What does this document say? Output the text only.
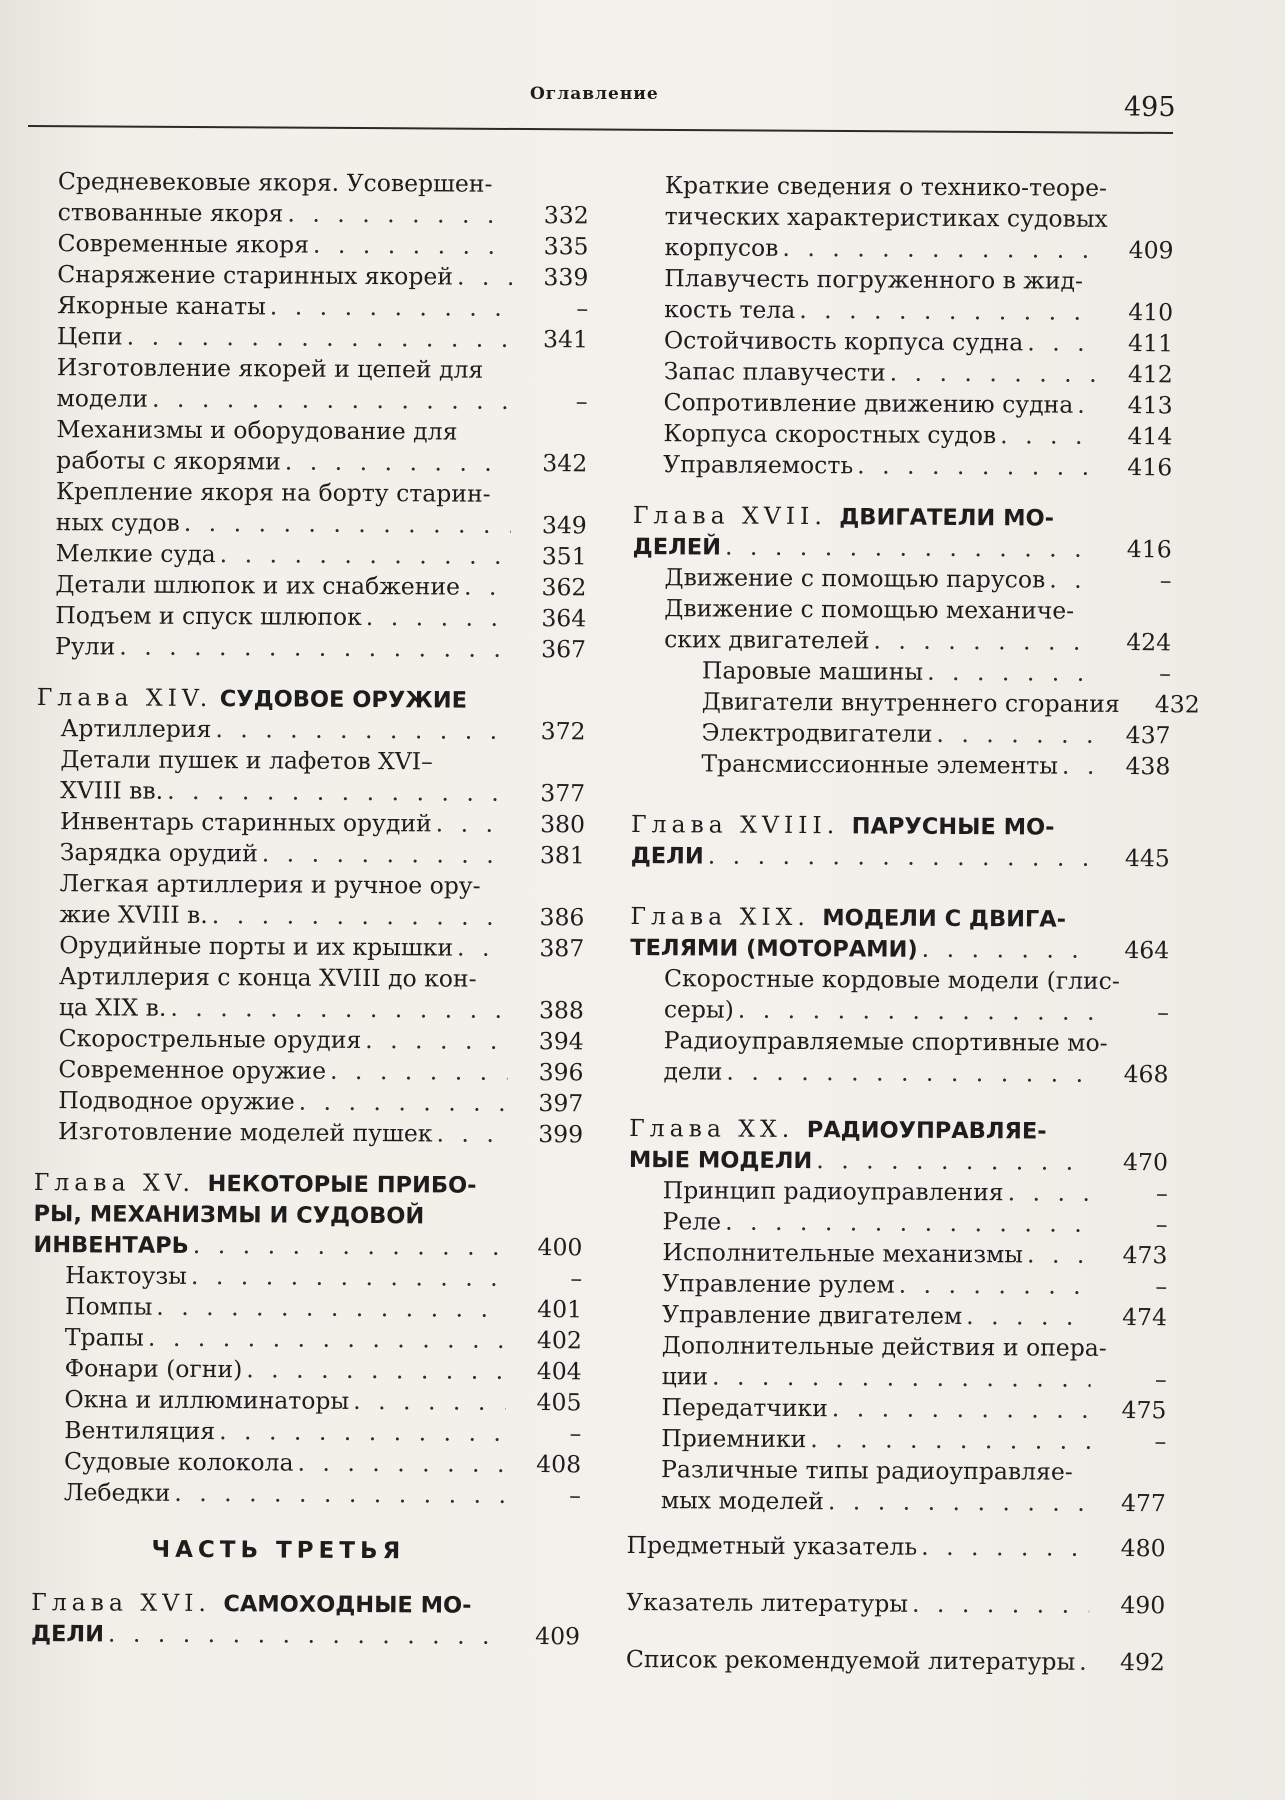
Оглавление	495
Средневековые якоря. Усовершен-
ствованные якоря . . .	332
Современные якоря . . .	335
Снаряжение старинных якорей . . .	339
Якорные канаты . . .	–
Цепи . . .	341
Изготовление якорей и цепей для
модели . . .	–
Механизмы и оборудование для
работы с якорями . . .	342
Крепление якоря на борту старин-
ных судов . . .	349
Мелкие суда . . .	351
Детали шлюпок и их снабжение . . .	362
Подъем и спуск шлюпок . . .	364
Рули . . .	367
Глава XIV. СУДОВОЕ ОРУЖИЕ
Артиллерия . . .	372
Детали пушек и лафетов XVI–
XVIII вв. . . .	377
Инвентарь старинных орудий . . .	380
Зарядка орудий . . .	381
Легкая артиллерия и ручное ору-
жие XVIII в. . . .	386
Орудийные порты и их крышки . . .	387
Артиллерия с конца XVIII до кон-
ца XIX в. . . .	388
Скорострельные орудия . . .	394
Современное оружие . . .	396
Подводное оружие . . .	397
Изготовление моделей пушек . . .	399
Глава XV. НЕКОТОРЫЕ ПРИБО-
РЫ, МЕХАНИЗМЫ И СУДОВОЙ
ИНВЕНТАРЬ . . .	400
Нактоузы . . .	–
Помпы . . .	401
Трапы . . .	402
Фонари (огни) . . .	404
Окна и иллюминаторы . . .	405
Вентиляция . . .	–
Судовые колокола . . .	408
Лебедки . . .	–
ЧАСТЬ ТРЕТЬЯ
Глава XVI. САМОХОДНЫЕ МО-
ДЕЛИ . . .	409
Краткие сведения о технико-теоре-
тических характеристиках судовых
корпусов . . .	409
Плавучесть погруженного в жид-
кость тела . . .	410
Остойчивость корпуса судна . . .	411
Запас плавучести . . .	412
Сопротивление движению судна . . .	413
Корпуса скоростных судов . . .	414
Управляемость . . .	416
Глава XVII. ДВИГАТЕЛИ МО-
ДЕЛЕЙ . . .	416
Движение с помощью парусов . . .	–
Движение с помощью механиче-
ских двигателей . . .	424
Паровые машины . . .	–
Двигатели внутреннего сгорания . . .	432
Электродвигатели . . .	437
Трансмиссионные элементы . . .	438
Глава XVIII. ПАРУСНЫЕ МО-
ДЕЛИ . . .	445
Глава XIX. МОДЕЛИ С ДВИГА-
ТЕЛЯМИ (МОТОРАМИ) . . .	464
Скоростные кордовые модели (глис-
серы) . . .	–
Радиоуправляемые спортивные мо-
дели . . .	468
Глава XX. РАДИОУПРАВЛЯЕ-
МЫЕ МОДЕЛИ . . .	470
Принцип радиоуправления . . .	–
Реле . . .	–
Исполнительные механизмы . . .	473
Управление рулем . . .	–
Управление двигателем . . .	474
Дополнительные действия и опера-
ции . . .	–
Передатчики . . .	475
Приемники . . .	–
Различные типы радиоуправляе-
мых моделей . . .	477
Предметный указатель . . .	480
Указатель литературы . . .	490
Список рекомендуемой литературы . . .	492
